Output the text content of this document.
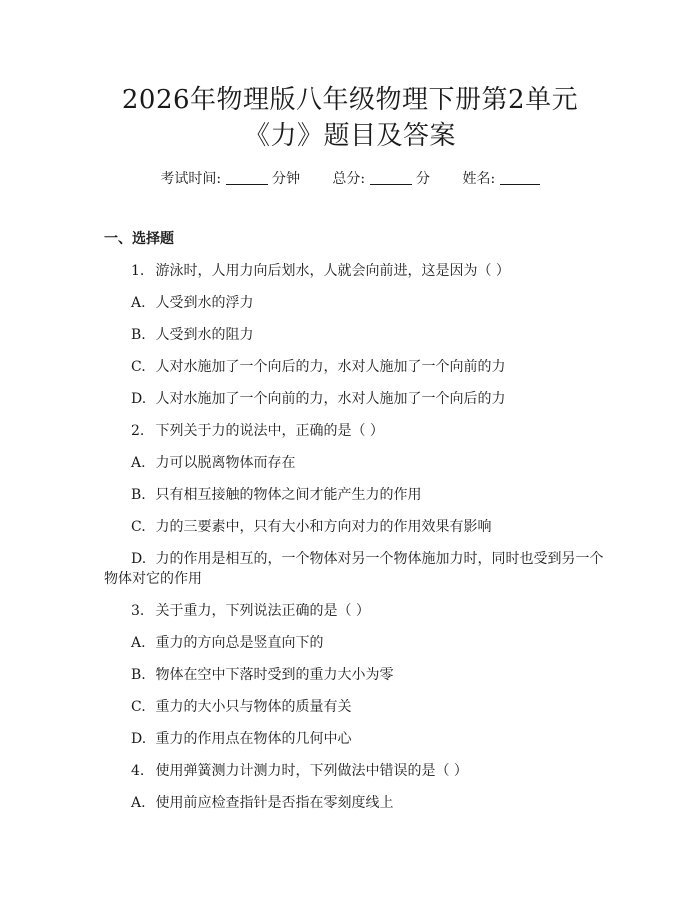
2026年物理版八年级物理下册第2单元
《力》题目及答案
考试时间:	分钟 总分:	分 姓名:
一、选择题
1. 游泳时，人用力向后划水，人就会向前进，这是因为（ ）
A. 人受到水的浮力
B. 人受到水的阻力
C. 人对水施加了一个向后的力，水对人施加了一个向前的力
D. 人对水施加了一个向前的力，水对人施加了一个向后的力
2. 下列关于力的说法中，正确的是（ ）
A. 力可以脱离物体而存在
B. 只有相互接触的物体之间才能产生力的作用
C. 力的三要素中，只有大小和方向对力的作用效果有影响
D. 力的作用是相互的，一个物体对另一个物体施加力时，同时也受到另一个
物体对它的作用
3. 关于重力，下列说法正确的是（ ）
A. 重力的方向总是竖直向下的
B. 物体在空中下落时受到的重力大小为零
C. 重力的大小只与物体的质量有关
D. 重力的作用点在物体的几何中心
4. 使用弹簧测力计测力时，下列做法中错误的是（ ）
A. 使用前应检查指针是否指在零刻度线上
